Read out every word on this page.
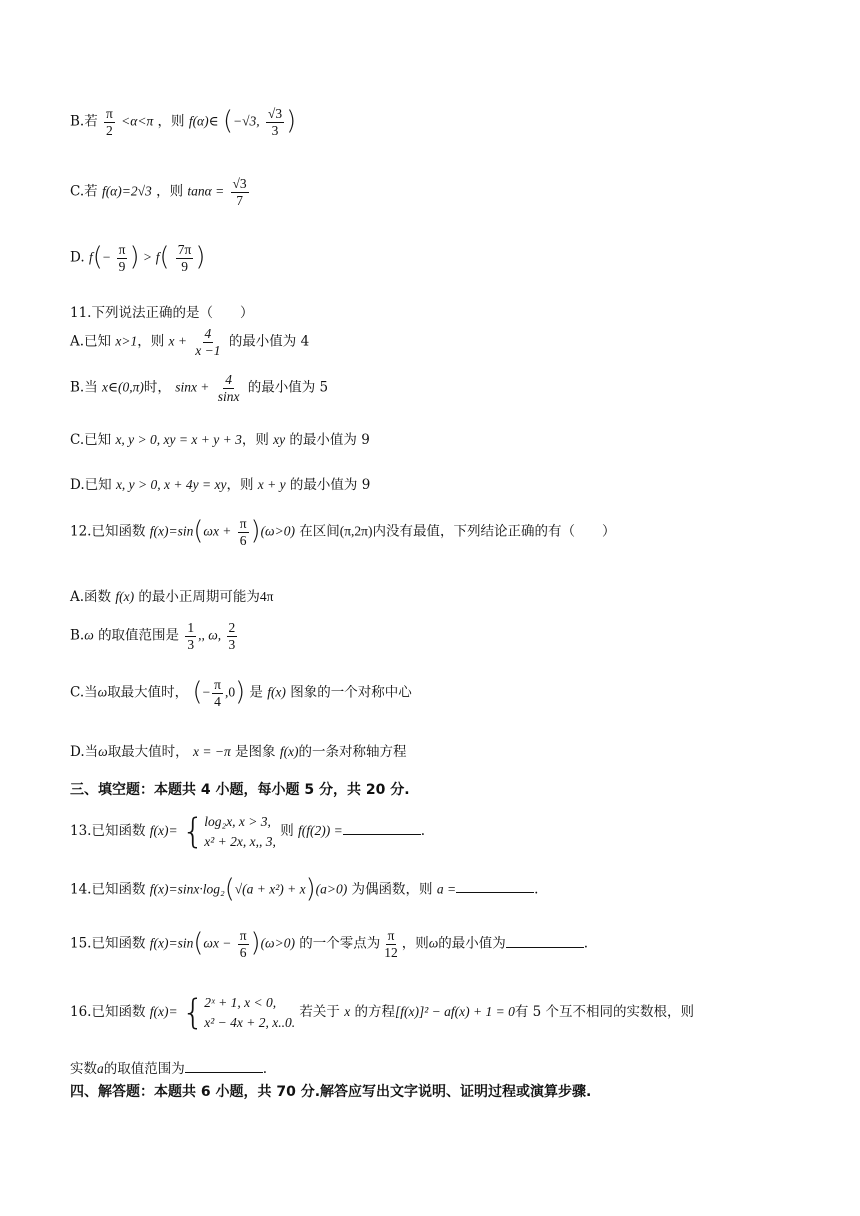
B.若 $\frac{\pi}{2} <\alpha<\pi$ ，则 f(α)∈ (−√3, $\frac{√3}{3}$ )
C.若 f(α)=2√3 ，则 $\tan\alpha = \frac{√3}{7}$
D. $f(- \frac{\pi}{9}$ ) > $f( \frac{7\pi}{9}$ )
11.下列说法正确的是（　　）
A.已知 x>1，则 $x + \frac{4}{x -1}$ 的最小值为 4
B.当 x∈(0,π)时， $\sin x + \frac{4}{\sin x}$ 的最小值为 5
C.已知 x, y > 0, xy = x + y + 3，则 xy 的最小值为 9
D.已知 x, y > 0, x + 4y = xy，则 x + y 的最小值为 9
12.已知函数 $f(x)=\sin(\omega x + \frac{\pi}{6} )(\omega>0)$ 在区间(π,2π)内没有最值，下列结论正确的有（　　）
A.函数 f(x) 的最小正周期可能为4π
B.ω 的取值范围是 $\frac{1}{3}$ ,, ω, $\frac{2}{3}$
C.当ω取最大值时， (− $\frac{\pi}{4} ,0$) 是 f(x) 图象的一个对称中心
D.当ω取最大值时， x = −π 是图象 f(x)的一条对称轴方程
三、填空题：本题共 4 小题，每小题 5 分，共 20 分.
13.已知函数 f(x)= { log₂x, x > 3,
x² + 2x, x,, 3,
则 f(f(2)) =	.
14.已知函数 f(x)=sinx·log₂(√(a + x²) + x)(a>0) 为偶函数，则 a =	.
15.已知函数 $f(x)=\sin(\omega x - \frac{\pi}{6} )(\omega>0)$ 的一个零点为 $\frac{\pi}{12}$ ，则ω的最小值为	.
16.已知函数 f(x)= { 2ˣ + 1, x < 0,
x² − 4x + 2, x..0.
若关于 x 的方程[f(x)]² − af(x) + 1 = 0有 5 个互不相同的实数根，则
实数a的取值范围为	.
四、解答题：本题共 6 小题，共 70 分.解答应写出文字说明、证明过程或演算步骤.
